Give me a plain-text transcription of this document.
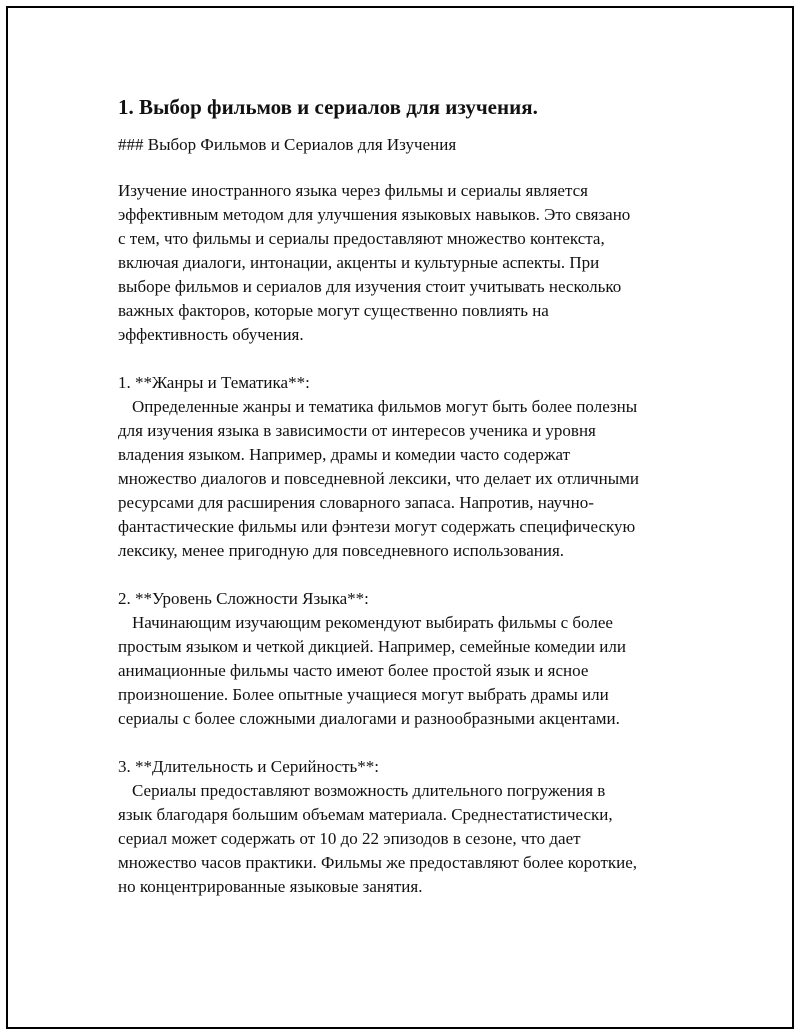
1. Выбор фильмов и сериалов для изучения.
### Выбор Фильмов и Сериалов для Изучения
Изучение иностранного языка через фильмы и сериалы является
эффективным методом для улучшения языковых навыков. Это связано
с тем, что фильмы и сериалы предоставляют множество контекста,
включая диалоги, интонации, акценты и культурные аспекты. При
выборе фильмов и сериалов для изучения стоит учитывать несколько
важных факторов, которые могут существенно повлиять на
эффективность обучения.
1. **Жанры и Тематика**:
Определенные жанры и тематика фильмов могут быть более полезны
для изучения языка в зависимости от интересов ученика и уровня
владения языком. Например, драмы и комедии часто содержат
множество диалогов и повседневной лексики, что делает их отличными
ресурсами для расширения словарного запаса. Напротив, научно-
фантастические фильмы или фэнтези могут содержать специфическую
лексику, менее пригодную для повседневного использования.
2. **Уровень Сложности Языка**:
Начинающим изучающим рекомендуют выбирать фильмы с более
простым языком и четкой дикцией. Например, семейные комедии или
анимационные фильмы часто имеют более простой язык и ясное
произношение. Более опытные учащиеся могут выбрать драмы или
сериалы с более сложными диалогами и разнообразными акцентами.
3. **Длительность и Серийность**:
Сериалы предоставляют возможность длительного погружения в
язык благодаря большим объемам материала. Среднестатистически,
сериал может содержать от 10 до 22 эпизодов в сезоне, что дает
множество часов практики. Фильмы же предоставляют более короткие,
но концентрированные языковые занятия.
